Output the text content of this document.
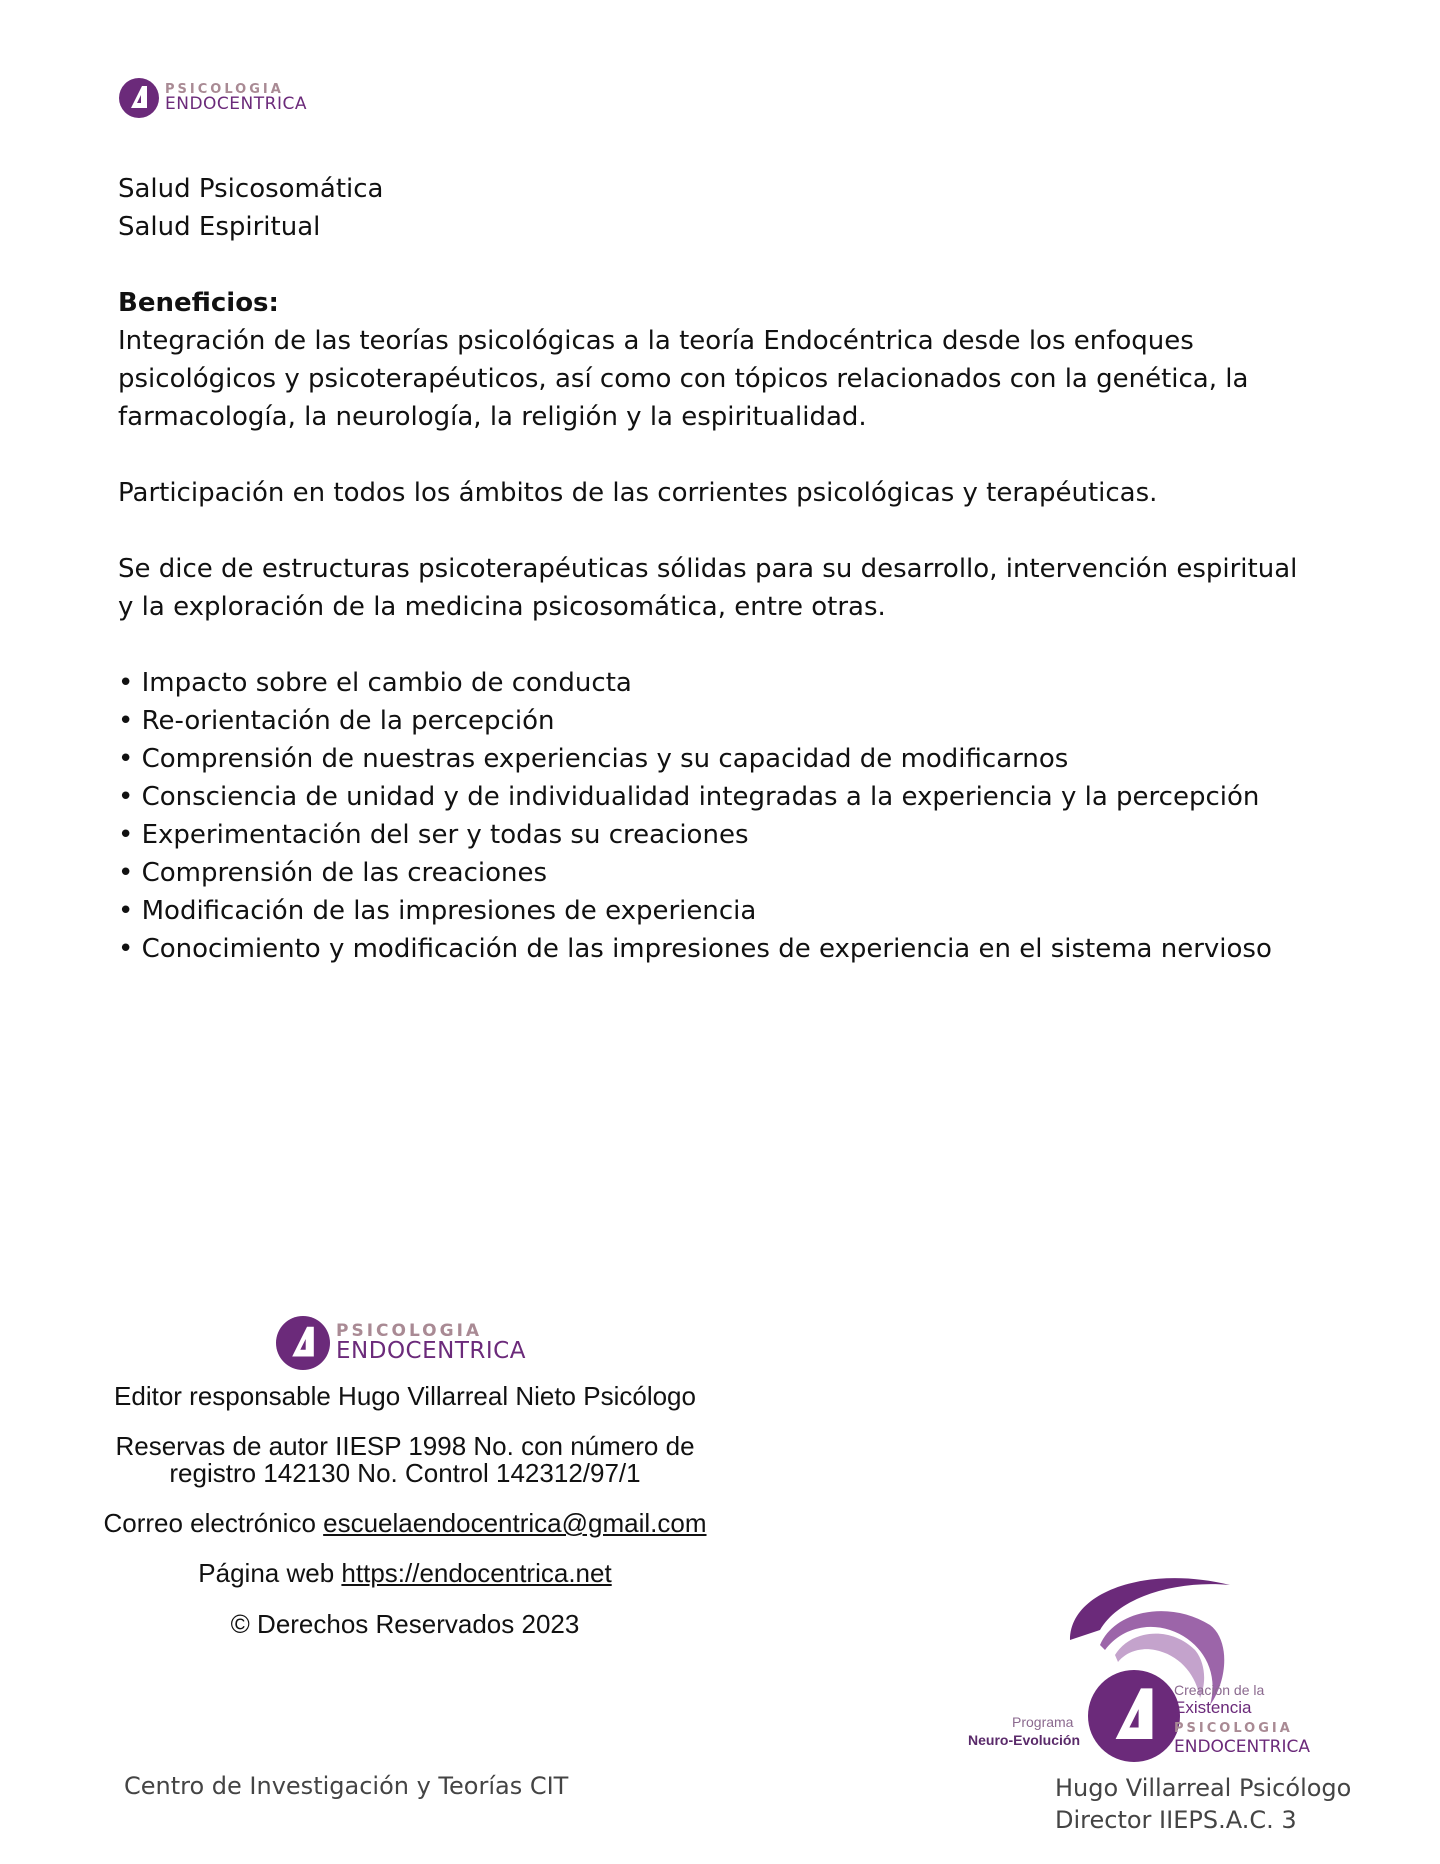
PSICOLOGIA
ENDOCENTRICA

Salud Psicosomática

Salud Espiritual

Beneficios:

Integración de las teorías psicológicas a la teoría Endocéntrica desde los enfoques

psicológicos y psicoterapéuticos, así como con tópicos relacionados con la genética, la

farmacología, la neurología, la religión y la espiritualidad.

Participación en todos los ámbitos de las corrientes psicológicas y terapéuticas.

Se dice de estructuras psicoterapéuticas sólidas para su desarrollo, intervención espiritual

y la exploración de la medicina psicosomática, entre otras.

• Impacto sobre el cambio de conducta
• Re-orientación de la percepción
• Comprensión de nuestras experiencias y su capacidad de modificarnos
• Consciencia de unidad y de individualidad integradas a la experiencia y la percepción
• Experimentación del ser y todas su creaciones
• Comprensión de las creaciones
• Modificación de las impresiones de experiencia
• Conocimiento y modificación de las impresiones de experiencia en el sistema nervioso
PSICOLOGIA
ENDOCENTRICA
Editor responsable Hugo Villarreal Nieto Psicólogo
Reservas de autor IIESP 1998 No. con número de
registro 142130 No. Control 142312/97/1
Correo electrónico escuelaendocentrica@gmail.com
Página web https://endocentrica.net
© Derechos Reservados 2023
Programa
Neuro-Evolución
Creación de la
Existencia
PSICOLOGIA
ENDOCENTRICA
Centro de Investigación y Teorías CIT	Hugo Villarreal Psicólogo
Director IIEPS.A.C. 3
